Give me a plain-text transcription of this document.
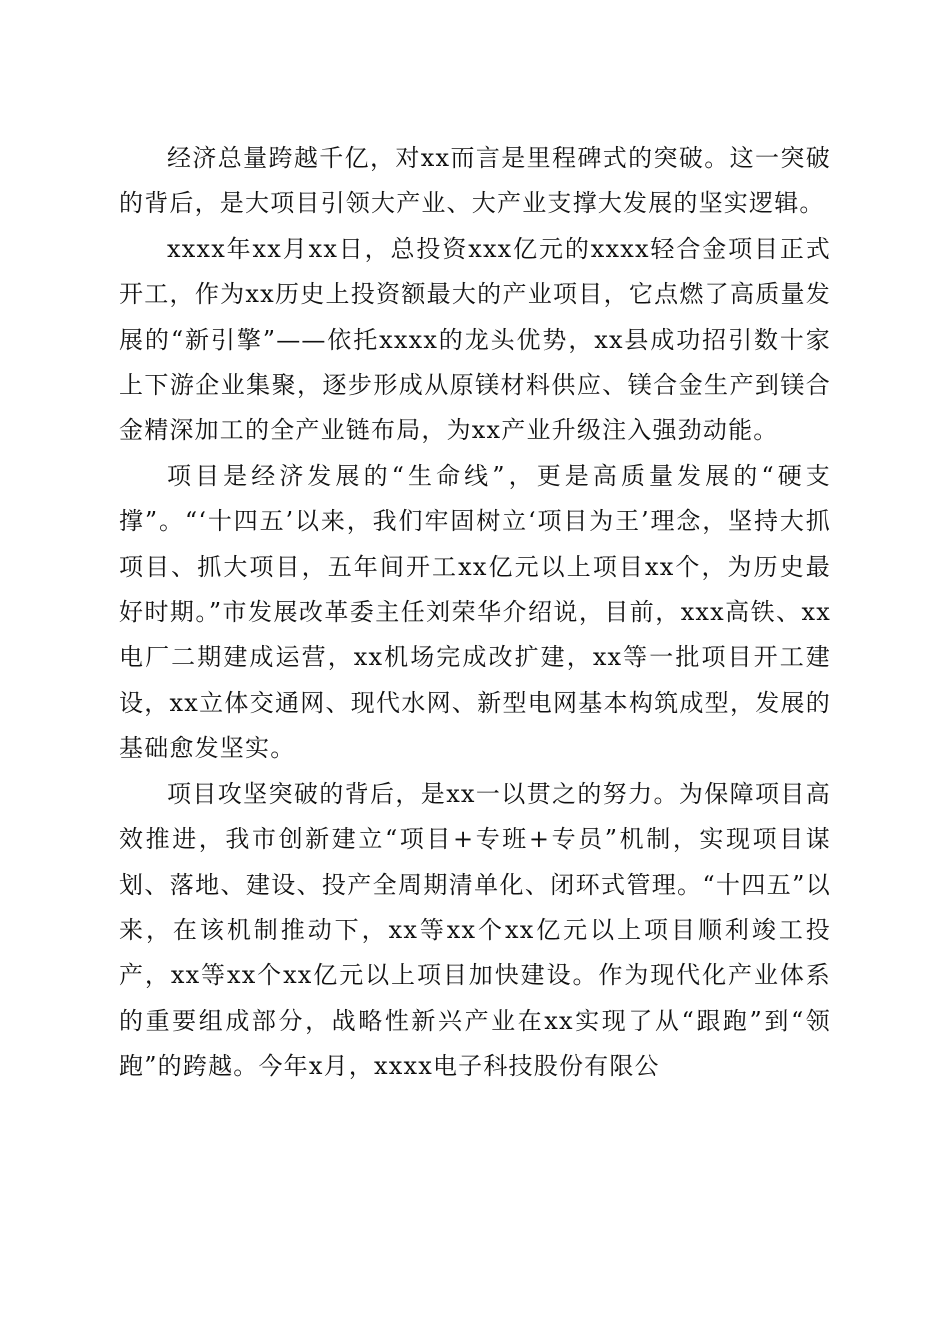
经济总量跨越千亿，对xx而言是里程碑式的突破。这一突破的背后，是大项目引领大产业、大产业支撑大发展的坚实逻辑。

xxxx年xx月xx日，总投资xxx亿元的xxxx轻合金项目正式开工，作为xx历史上投资额最大的产业项目，它点燃了高质量发展的“新引擎”——依托xxxx的龙头优势，xx县成功招引数十家上下游企业集聚，逐步形成从原镁材料供应、镁合金生产到镁合金精深加工的全产业链布局，为xx产业升级注入强劲动能。

项目是经济发展的“生命线”，更是高质量发展的“硬支撑”。“‘十四五’以来，我们牢固树立‘项目为王’理念，坚持大抓项目、抓大项目，五年间开工xx亿元以上项目xx个，为历史最好时期。”市发展改革委主任刘荣华介绍说，目前，xxx高铁、xx电厂二期建成运营，xx机场完成改扩建，xx等一批项目开工建设，xx立体交通网、现代水网、新型电网基本构筑成型，发展的基础愈发坚实。

项目攻坚突破的背后，是xx一以贯之的努力。为保障项目高效推进，我市创新建立“项目+专班+专员”机制，实现项目谋划、落地、建设、投产全周期清单化、闭环式管理。“十四五”以来，在该机制推动下，xx等xx个xx亿元以上项目顺利竣工投产，xx等xx个xx亿元以上项目加快建设。作为现代化产业体系的重要组成部分，战略性新兴产业在xx实现了从“跟跑”到“领跑”的跨越。今年x月，xxxx电子科技股份有限公
